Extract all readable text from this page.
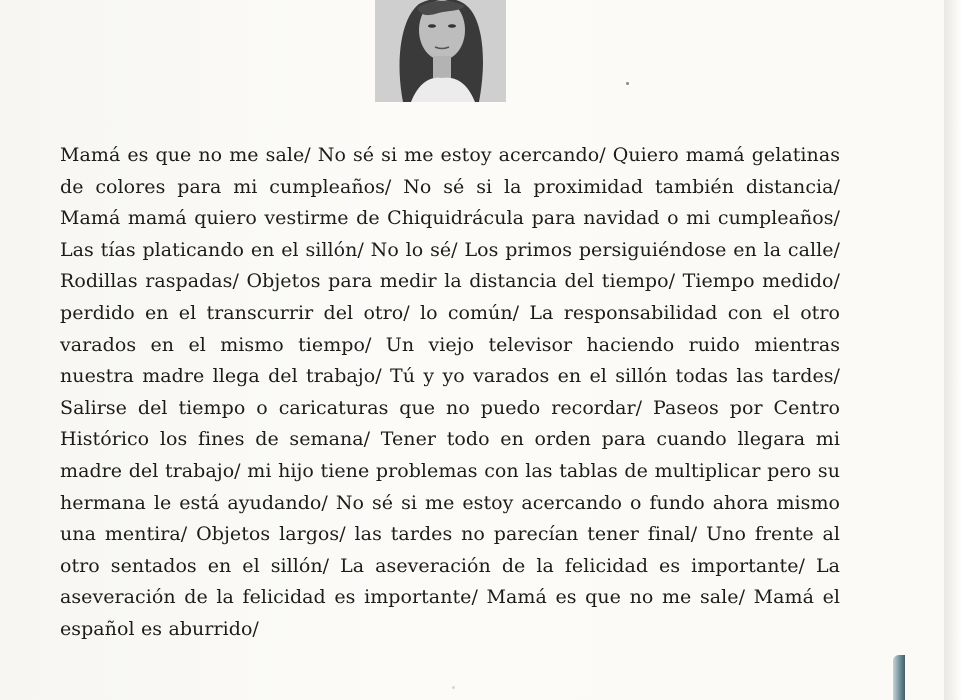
Mamá es que no me sale/ No sé si me estoy acercando/ Quiero mamá gelatinas de colores para mi cumpleaños/ No sé si la proximidad también distancia/ Mamá mamá quiero vestirme de Chiquidrácula para navidad o mi cumpleaños/ Las tías platicando en el sillón/ No lo sé/ Los primos persiguiéndose en la calle/ Rodillas raspadas/ Objetos para medir la distancia del tiempo/ Tiempo medido/ perdido en el transcurrir del otro/ lo común/ La responsabilidad con el otro varados en el mismo tiempo/ Un viejo televisor haciendo ruido mientras nuestra madre llega del trabajo/ Tú y yo varados en el sillón todas las tardes/ Salirse del tiempo o caricaturas que no puedo recordar/ Paseos por Centro Histórico los fines de semana/ Tener todo en orden para cuando llegara mi madre del trabajo/ mi hijo tiene problemas con las tablas de multiplicar pero su hermana le está ayudando/ No sé si me estoy acercando o fundo ahora mismo una mentira/ Objetos largos/ las tardes no parecían tener final/ Uno frente al otro sentados en el sillón/ La aseveración de la felicidad es importante/ La aseveración de la felicidad es importante/ Mamá es que no me sale/ Mamá el español es aburrido/
